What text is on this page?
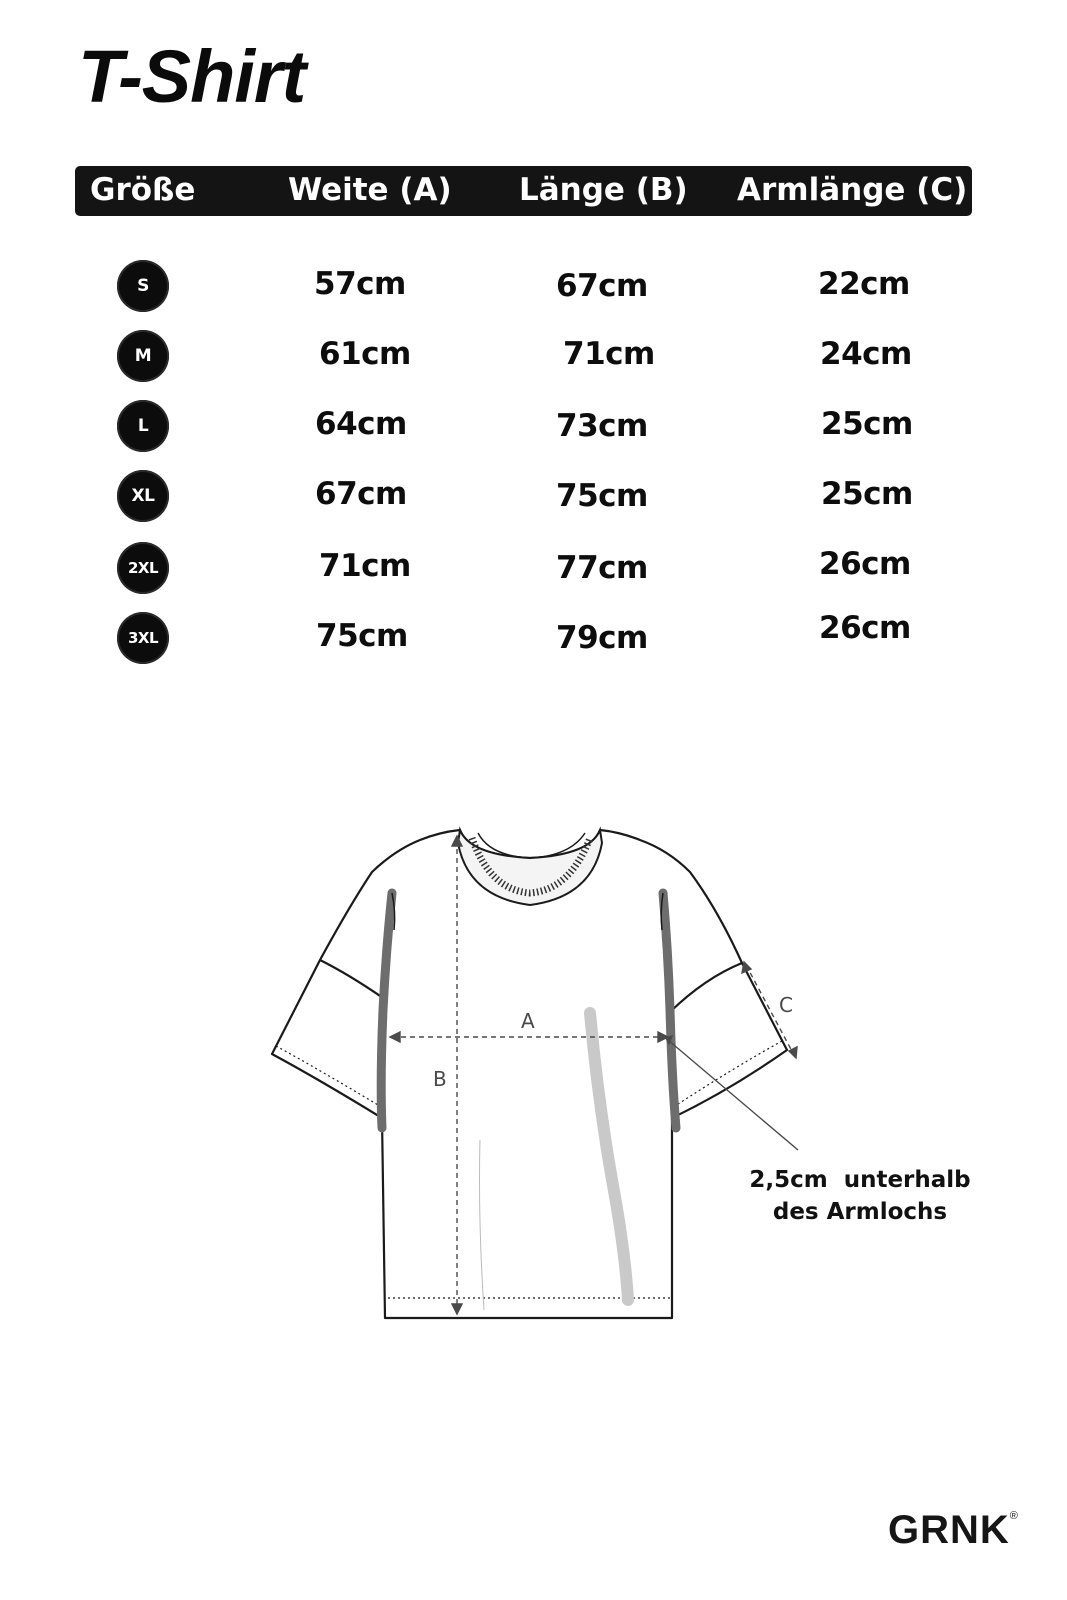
T-Shirt
Größe	Weite (A) Länge (B) Armlänge (C)
S	57cm	67cm	22cm
M	61cm	71cm	24cm
L	64cm	73cm	25cm
XL	67cm	75cm	25cm
2XL	71cm	77cm	26cm
3XL	75cm	79cm	26cm
A
B
C
2,5cm  unterhalb
des Armlochs
GRNK®
